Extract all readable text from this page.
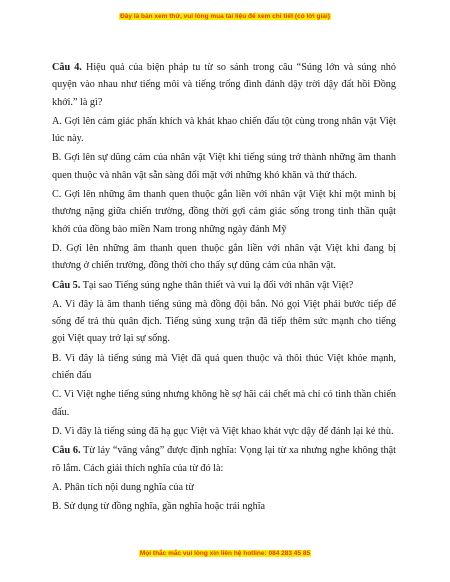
Đây là bản xem thử, vui lòng mua tài liệu để xem chi tiết (có lời giải)

Câu 4. Hiệu quả của biện pháp tu từ so sánh trong câu “Súng lớn và súng nhỏ quyện vào nhau như tiếng môi và tiếng trống đình đánh dậy trời dậy đất hồi Đồng khởi.” là gì?

A. Gợi lên cảm giác phấn khích và khát khao chiến đấu tột cùng trong nhân vật Việt lúc này.

B. Gợi lên sự dũng cảm của nhân vật Việt khi tiếng súng trở thành những âm thanh quen thuộc và nhân vật sẵn sàng đối mặt với những khó khăn và thử thách.

C. Gợi lên những âm thanh quen thuộc gắn liền với nhân vật Việt khi một mình bị thương nặng giữa chiến trường, đồng thời gợi cảm giác sống trong tinh thần quật khởi của đồng bào miền Nam trong những ngày đánh Mỹ

D. Gợi lên những âm thanh quen thuộc gắn liền với nhân vật Việt khi đang bị thương ở chiến trường, đồng thời cho thấy sự dũng cảm của nhân vật.

Câu 5. Tại sao Tiếng súng nghe thân thiết và vui lạ đối với nhân vật Việt?

A. Vì đây là âm thanh tiếng súng mà đồng đội bắn. Nó gọi Việt phải bước tiếp để sống để trả thù quân địch. Tiếng súng xung trận đã tiếp thêm sức mạnh cho tiếng gọi Việt quay trở lại sự sống.

B. Vì đây là tiếng súng mà Việt đã quá quen thuộc và thôi thúc Việt khỏe mạnh, chiến đấu

C. Vì Việt nghe tiếng súng nhưng không hề sợ hãi cái chết mà chỉ có tinh thần chiến đấu.

D. Vì đây là tiếng súng đã hạ gục Việt và Việt khao khát vực dậy để đánh lại kẻ thù.

Câu 6. Từ láy “văng vẳng” được định nghĩa: Vọng lại từ xa nhưng nghe không thật rõ lắm. Cách giải thích nghĩa của từ đó là:

A. Phân tích nội dung nghĩa của từ

B. Sử dụng từ đồng nghĩa, gần nghĩa hoặc trái nghĩa

Mọi thắc mắc vui lòng xin liên hệ hotline: 084 283 45 85
